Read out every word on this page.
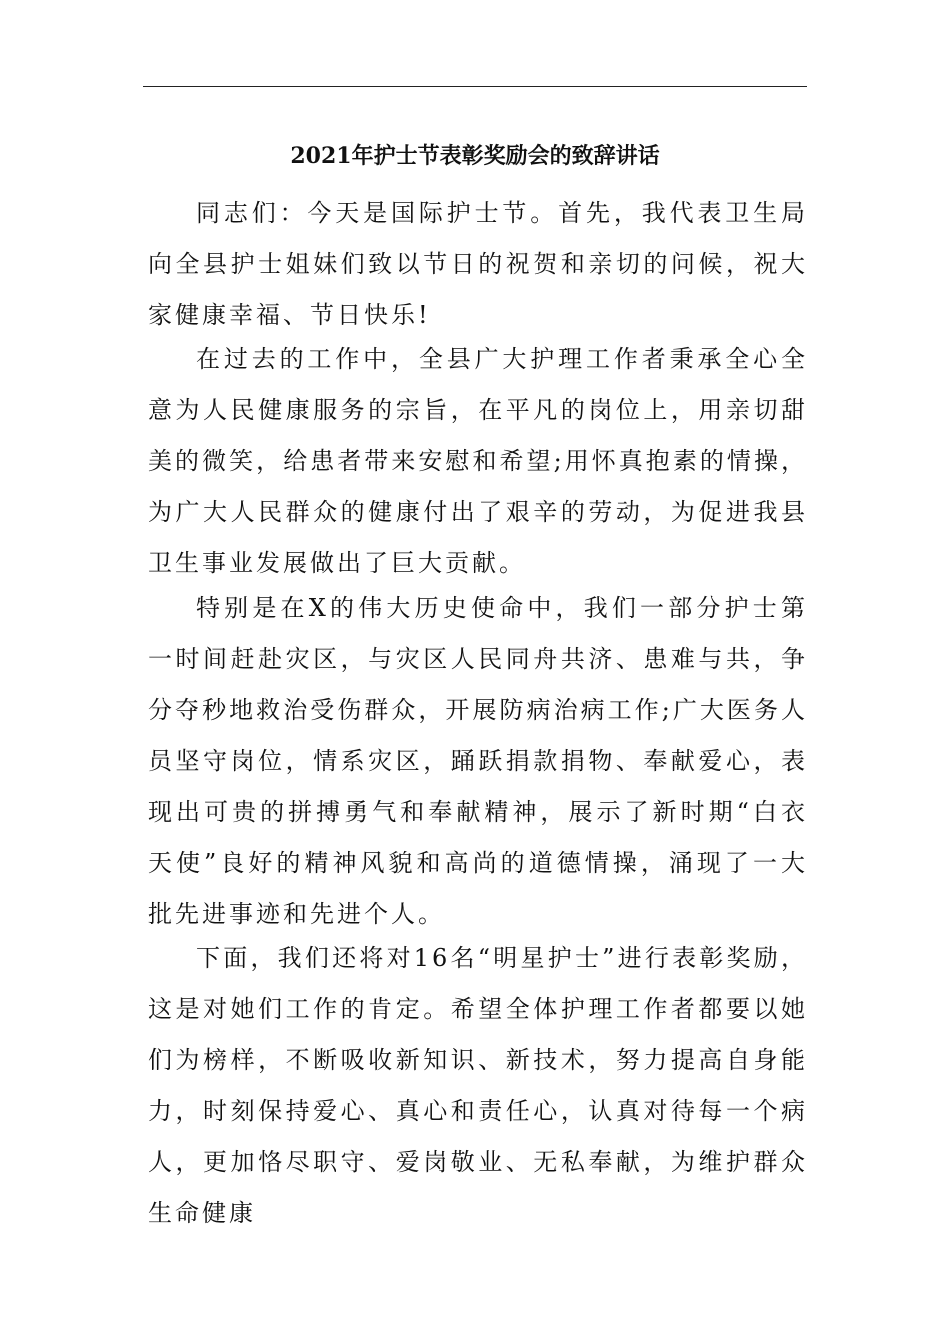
2021年护士节表彰奖励会的致辞讲话

同志们：今天是国际护士节。首先，我代表卫生局向全县护士姐妹们致以节日的祝贺和亲切的问候，祝大家健康幸福、节日快乐!

在过去的工作中，全县广大护理工作者秉承全心全意为人民健康服务的宗旨，在平凡的岗位上，用亲切甜美的微笑，给患者带来安慰和希望;用怀真抱素的情操，为广大人民群众的健康付出了艰辛的劳动，为促进我县卫生事业发展做出了巨大贡献。

特别是在X的伟大历史使命中，我们一部分护士第一时间赶赴灾区，与灾区人民同舟共济、患难与共，争分夺秒地救治受伤群众，开展防病治病工作;广大医务人员坚守岗位，情系灾区，踊跃捐款捐物、奉献爱心，表现出可贵的拼搏勇气和奉献精神，展示了新时期“白衣天使”良好的精神风貌和高尚的道德情操，涌现了一大批先进事迹和先进个人。

下面，我们还将对16名“明星护士”进行表彰奖励，这是对她们工作的肯定。希望全体护理工作者都要以她们为榜样，不断吸收新知识、新技术，努力提高自身能力，时刻保持爱心、真心和责任心，认真对待每一个病人，更加恪尽职守、爱岗敬业、无私奉献，为维护群众生命健康
